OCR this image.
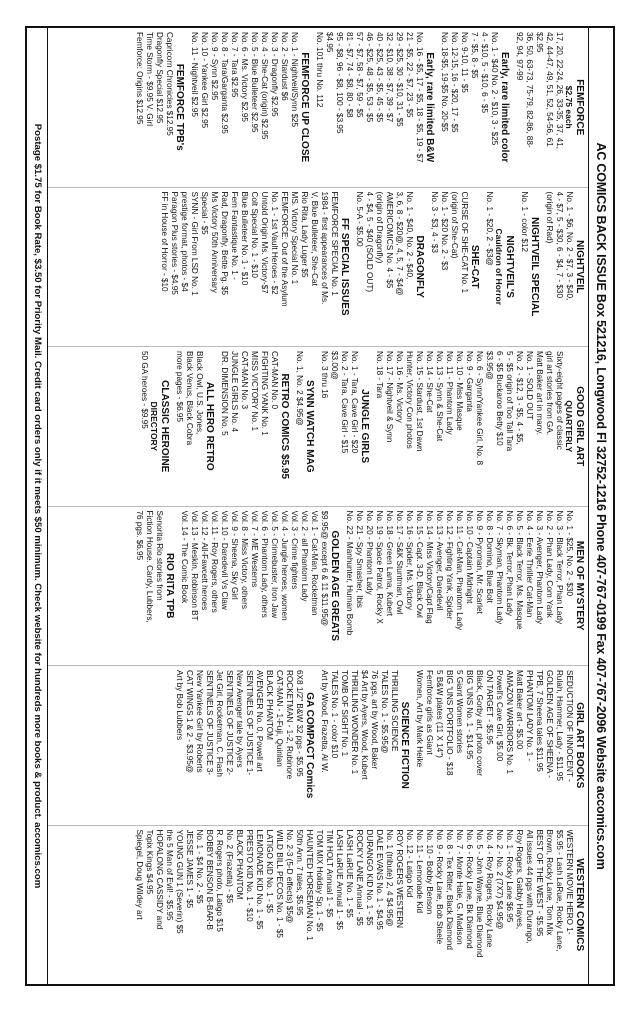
AC COMICS BACK ISSUE Box 521216, Longwood Fl 32752-1216 Phone 407-767-0199 Fax 407-767-2096 Website accomics.com
FEMFORCE
$2.75 each
17, 20, 22-24, 26, 33-35, 37, 41,
42, 44-47, 49, 51, 52, 54-56, 61
$2.95
36, 50, 63-73, 75-79, 82-86, 88-
92, 94, 97-99
Early, rare limited color
No. 1 - $40 No. 2 - $10, 3 - $25
4 - $10, 5 - $10, 6 - $5
7 - $5, 8 - $5
No. 9-10, 11 - $5
No. 12-15, 16 - $20, 17 - $5
No. 18-$5, 19-$5 No. 20-$5
Early, rare limited B&W
No. 16 - $5, 17 - $5, 18 - $5, 19 - $7
21 - $5, 22 - $7, 23 - $5
29 - $25, 30 - $10, 31 - $5
32 - $10, 38 - $7, 39 - $7
40 - $25, 43 - $5, 45 - $5
46 - $25, 48 - $5, 53 - $5
57 - $7, 58 - $7, 59 - $5
81 - $7, 74 - $8, 80 - $8
95 - $8, 96 - $8, 100 - $3.95
$4.95
No. 101 thru No. 112
FEMFORCE UP CLOSE
No. 1 - Nightveil/Synn $25
No. 2 - Stardust $6
No. 3 - Dragonfly $2.95
No. 4 - She-Cat (origin) $2.95
No. 5 - Blue Bulleteer $2.95
No. 6 - Ms. Victory $2.95
No. 7 - Tara $2.95
No. 8 - Tara/Garganta $2.95
No. 9 - Synn $2.95
No. 10 - Yankee Girl $2.95
No. 11 - Nightveil $2.95
FEMFORCE TPB's
Capricorn Chronicles $12.95
Dragonfly Special $12.95
Time Storm - $9.95 V. Girl
Femforce: Origins $12.95
NIGHTVEIL
No. 1 - $6, No. 2 - $7, 3 - $40,
4 - $7, 5 - $30, 6 - $4, 7 - $30
(origin of Rad)
NIGHTVEIL SPECIAL
No. 1 - color $12
NIGHTVEIL'S
Cauldron of Horror
No. 1 - $20, 2 - $3@
SHE-CAT
CURSE OF SHE-CAT No. 1
(origin of She-Cat)
No. 1 - $20 No. 2 - $3
No. 3 - $3, 4 - $3
DRAGONFLY
No. 1 - $40, No. 2 - $40,
3, 6, 8 - $20@, 4, 5, 7 - $4@
AMERICOMICS No. 4 - $5
(origin of Dragonfly)
4 - $4, 5 - $40 (SOLD OUT)
No. 5-A - $5.00
FF SPECIAL ISSUES
FEMFORCE SPECIAL No. 1
1984 - first appearances of Ms.
V, Blue Bulleteer, She-Cat
Rio Rita, Lady Luger $5
MS. Victory Special No. 1
FEMFORCE: Out of the Asylum
No. 1 - 1st Vault Heroes - $2
Untold Origin Ms. Victory-$7
Colt Special No. 1 - $10
Blue Bulleteer No. 1 - $10
Fem Fantastique No. 1 -
Rad, Dragonfly, Bette Pg. $5
Ms Victory 50th Anniversary
Special - $5
SYNN - Girl From LSD No. 1
prestige format, photos - $4
Paragon Plus stories - $4.95
FF in House of Horror - $10
GOOD GIRL ART
QUARTERLY
Sixty-eight pages of classic
girl art stories from GA.
Matt Baker art in many.
No. 1 - SOLD OUT
No. 2 - $12, 3 - $5, 4 - $5,
5 - $5 origin of Too Tall Tara
6 - $5 Buckaroo Betty $10
$3.95@
No. 6 - Synn/Yankee Girl, No. 8
No. 9 - Garganta
No. 10 - Miss Masque
No. 11 - Phantom Lady
No. 13 - Synn & She-Cat
No. 14 - She-Cat
No. 15 - Stardust, 1st Dawn
Hunter, Victory Con photos
No. 16 - Ms. Victory
No. 17 - Nightveil & Synn
No. 18 - Tara
JUNGLE GIRLS
No. 1 - Tara, Cave Girl - $20
No. 2 - Tara, Cave Girl - $15
$3.00@
No. 3 thru 16
SYNN WATCH MAG
No. 1, No. 2 $4.95@
RETRO COMICS $5.95
CAT-MAN No. 0
FIGHTING YANK No. 1
MISS VICTORY No. 1
CAT-MAN No. 3
JUNGLE GIRLS No. 4
DR. DIMENSION No. 5
ALL HERO RETRO
Black Owl, U.S. Jones,
Black Venus, Black Cobra
more pages - $6.95
CLASSIC HEROINE
DIRECTORY
50 GA heroes - $9.95
MEN OF MYSTERY
No. 1 - $25, No. 2 - $30
No. 3 - Black Terror, Phan Lady
No. 2 - Phan Lady, Com Yank
No. 3 - Avenger, Phantom Lady
No. 4 - Eerie Thriller Cat-Man
No. 5 - Black Terror, Ms. Masque
No. 6 - Bk. Terror, Phan Lady
No. 7 - Skyman, Phantom Lady
No. 8 - Domino, Blue Bolt
No. 9 - Pyroman, Mr. Scarlet
No. 10 - Captain Midnight
No. 11 - Cat-Man, Phantom Lady
No. 12 - Fighting Yank, Spider
No. 13 - Avenger, Daredevil
No. 14 - Miss Victory/Capt Flag
No. 15 - Capt. 3-D, Black Owl
No. 16 - Spider, Ms. Victory
No. 17 - S&K Stuntman, Owl
No. 18 - Green Lama, Kubert
No. 19 - Space Patrol, Rocky X
No. 20 - Phantom Lady
No. 21 - Spy Smasher, Ibis
No. 22 - Manhunter, Human Bomb
GOLDEN AGE GREATS
$9.95@ except 6 & 11 $11.95@
Vol. 1 - Cat-Man, Rocketman
Vol. 2 - all Phantom Lady
Vol. 3 - Crime fighters
Vol. 4 - Jungle heroes, women
Vol. 5 - Crimebuster, Iron Jaw
Vol. 6 - Phantom Lady, others
Vol. 7 - ME Westerns
Vol. 8 - Miss Victory, others
Vol. 9 - Sheena, Sky Girl
Vol. 10 - Daredevil Vs Claw
Vol. 11 - Roy Rogers, others
Vol. 12 - All-Fawcett heroes
Vol. 13 - Meskin, Robinson BT
Vol. 14 - The Comic Book
RIO RITA TPB
Senorita Rio stories from
Fiction House. Cardy, Lubbers,
76 pgs. $6.95
GIRL ART BOOKS
SEDUCTION OF INNOCENT -
Rulah, Hammer, Lady - $11.95
GOLDEN AGE OF SHEENA -
TPB, 7 Sheena tales $11.95
PHANTOM LADY No. 1 -
Matt Baker art - $5.00
AMAZON WARRIORS No. 1
Powell's Cave Girl, $5.00
ON TARGET - $5.95
Black, Gorby art, photo cover
BIG 'UNS No. 1 - $14.95
5 Giant Women stories
BIG 'UNS PORTFOLIO - $18
5 B&W plates (11 X 14")
Femforce girls as Giant
Women, Art by Mark Heike
SCIENCE FICTION
THRILLING SCIENCE
TALES No. 1 - $5.95@
76 pgs, art by Wood, Baker
$4 Art by Ayers, Wood, Kubert
THRILLING WONDER No. 1
TOMB OF SIGHT No. 1
TALES No. 1 - color $10
Art by Wood, Frazetta, Al W.
GA COMPACT Comics
6X8 1/2" B&W 32 pgs - $5.95
ROCKETMAN - 1-2, Rubinore
CAT-MAN - 1-Fuji, Quinlan
BLACK PHANTOM
AVENGER No. 0, Powell art
SENTINELS OF JUSTICE 1-
New Avenger tale by Ayers
SENTINELS OF JUSTICE 2-
Jet Girl, Rocketman, C. Flash
SENTINELS OF JUSTICE 3-
New Yankee Girl by Roberts
CAT WINGS 1 & 2 - $3.95@
Art by Bob Lubbers
WESTERN COMICS
WESTERN MOVIE HERO 1-
$5.95 - Lash LaRue, Rocky Lane,
Brown, Rocky Lane, Tom Mix
BEST OF THE WEST - $5.95
All issues 44 pgs with Durango,
Roy Rogers, Gabby Hayes,
No. 1 - Rocky Lane $6.95
No. 2 - No. 2 (7X7) $4.95@
No. 4 - Roy Rogers, Rocky Lane
No. 5 - John Wayne, Blue Diamond
No. 6 - Rocky Lane, Bk Diamond
No. 7 - Monte Hale, G. Madison
No. 8 - Tex Ritter, Black Diamond
No. 9 - Rocky Lane, Bob Steele
No. 10 - Bobby Benson
No. 11 - Lemonade Kid
No. 12 - Latigo Kid
ROY ROGERS WESTERN
No. 1 (tribute) 2, 4 $4.95@
DALE EVANS No. 1 - $4.95
DURANGO KID No. 1 - $5
ROCKY LANE Annual - $5
LASH LaRUE No. 1 - $5
LASH LaRUE Annual 1 - $5
TIM HOLT Annual 1 - $5
TOM MIX Holiday Sp. 1 - $5
HAUNTED HORSEMAN No. 1
50th Ann. 7 tales, $5.95
No. 2-3 (5-D effects) $5@
WILD BILL PECOS No. 1 - $5
LATIGO KID No. 1 - $5
LEMONADE KID No. 1 - $5
PRESTO KID No. 1 - $10
BLACK PHANTOM
No. 2 (Frazetta) - $5
R. Rogers photo, Latigo $15
BOBBY BENSON B-BAR-B
No. 1 - $4 No. 2 - $5
JESSE JAMES 1 - $5
YOUNG GUN 1 (Severin) $5
the 5 Man of Evil! - $5.95
HOPALONG CASSIDY and
Topix Kings $4.95
Spiegel, Doug Wildey art
Postage $1.75 for Book Rate, $3.50 for Priority Mail. Credit card orders only if it meets $50 minimum. Check website for hundreds more books & product. accomics.com
